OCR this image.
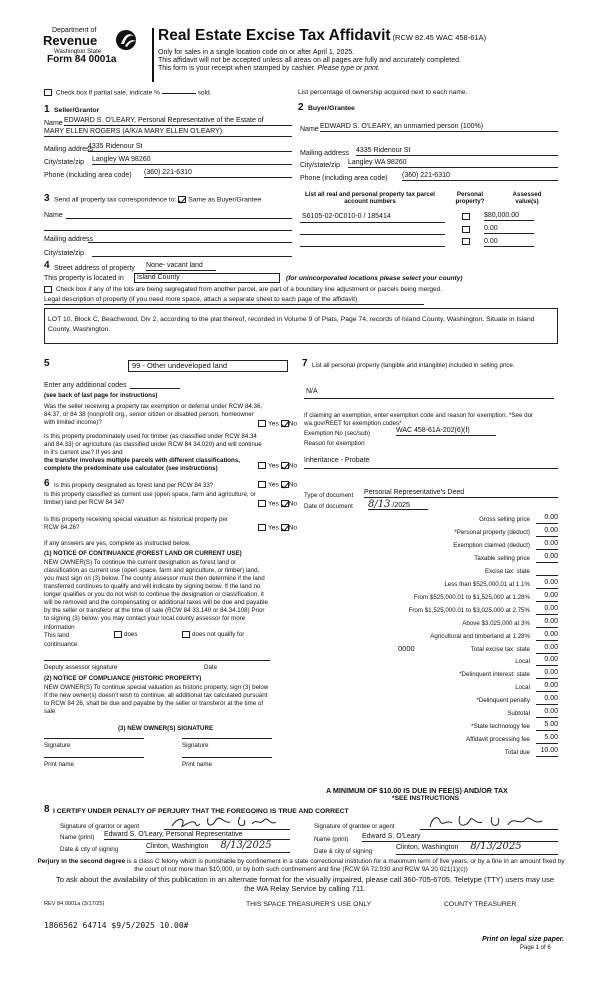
Department of
Revenue
Washington State
Form 84 0001a
Real Estate Excise Tax Affidavit (RCW 82.45 WAC 458-61A)
Only for sales in a single location code on or after April 1, 2025.
This affidavit will not be accepted unless all areas on all pages are fully and accurately completed.
This form is your receipt when stamped by cashier. Please type or print.
Check box if partial sale, indicate %	sold.	List percentage of ownership acquired next to each name.
1 Seller/Grantor
Name EDWARD S. O'LEARY, Personal Representative of the Estate of
MARY ELLEN ROGERS (A/K/A MARY ELLEN O'LEARY)
Mailing address
4335 Ridenour St
City/state/zip Langley WA 98260
Phone (including area code) (360) 221-6310
2 Buyer/Grantee
Name EDWARD S. O'LEARY, an unmarried person (100%)
Mailing address 4335 Ridenour St
City/state/zip Langley WA 98260
Phone (including area code) (360) 221-6310
3 Send all property tax correspondence to: Same as Buyer/Grantee
Name
Mailing address
City/state/zip
List all real and personal property tax parcel account numbers
Personal property?
Assessed value(s)
S6105-02-0C010-0 / 185414	$80,000.00
0.00
0.00
4 Street address of property None- vacant land
This property is located in	Island County	(for unincorporated locations please select your county)
Check box if any of the lots are being segregated from another parcel, are part of a boundary line adjustment or parcels being merged.
Legal description of property (if you need more space, attach a separate sheet to each page of the affidavit)
LOT 10, Block C, Beachwood, Div 2, according to the plat thereof, recorded in Volume 9 of Plats, Page 74, records of Island County, Washington. Situate in Island County, Washington.
5	99 - Other undeveloped land
Enter any additional codes
(see back of last page for instructions)
Was the seller receiving a property tax exemption or deferral under RCW 84.36, 84.37, or 84 38 (nonprofit org., senior citizen or disabled person, homeowner with limited income)?	Yes No
Is this property predominately used for timber (as classified under RCW 84.34 and 84.33) or agriculture (as classified under RCW 84 34.020) and will continue in it's current use? If yes and
the transfer involves multiple parcels with different classifications, complete the predominate use calculator (see instructions)	Yes No
6 Is this property designated as forest land per RCW 84 33?	Yes No
Is this property classified as current use (open space, farm and agriculture, or timber) land per RCW 84 34?	Yes No
Is this property receiving special valuation as historical property per RCW 84.26?	Yes No
If any answers are yes, complete as instructed below.
(1) NOTICE OF CONTINUANCE (FOREST LAND OR CURRENT USE)
NEW OWNER(S) To continue the current designation as forest land or classification as current use (open space, farm and agriculture, or timber) land, you must sign on (3) below. The county assessor must then determine if the land transferred continues to qualify and will indicate by signing below. If the land no longer qualifies or you do not wish to continue the designation or classification, it will be removed and the compensating or additional taxes will be due and payable by the seller or transferor at the time of sale (RCW 84 33.140 or 84.34.108) Prior to signing (3) below, you may contact your local county assessor for more information
This land
continuance
does	does not qualify for
Deputy assessor signature	Date
(2) NOTICE OF COMPLIANCE (HISTORIC PROPERTY)
NEW OWNER(S) To continue special valuation as historic property, sign (3) below If the new owner(s) doesn't wish to continue, all additional tax calculated pursuant to RCW 84 26, shall be due and payable by the seller or transferor at the time of sale
(3) NEW OWNER(S) SIGNATURE
Signature	Signature
Print name	Print name
7 List all personal property (tangible and intangible) included in selling price.
N/A
If claiming an exemption, enter exemption code and reason for exemption. *See dor wa.gov/REET for exemption codes*
Exemption No (sec/sub)	WAC 458-61A-202(6)(f)
Reason for exemption
Inheritance - Probate
Type of document Personal Representative's Deed
Date of document 8/13 /2025
Gross selling price	0.00
*Personal property (deduct)	0.00
Exemption claimed (deduct)	0.00
Taxable selling price	0.00
Excise tax: state
Less than $525,000.01 at 1.1%	0.00
From $525,000.01 to $1,525,000 at 1.28%	0.00
From $1,525,000.01 to $3,025,000 at 2.75%	0.00
Above $3,025,000 at 3%	0.00
Agricultural and timberland at 1.28%	0.00
Total excise tax: state	0.00
Local	0.00
*Delinquent interest: state	0.00
Local	0.00
*Delinquent penalty	0.00
Subtotal	0.00
*State technology fee	5.00
Affidavit processing fee	5.00
Total due	10.00
0000
A MINIMUM OF $10.00 IS DUE IN FEE(S) AND/OR TAX
*SEE INSTRUCTIONS
8 I CERTIFY UNDER PENALTY OF PERJURY THAT THE FOREGOING IS TRUE AND CORRECT
Signature of grantor or agent
Name (print) Edward S. O'Leary, Personal Representative
Date & city of signing	Clinton, Washington 8/13/2025
Signature of grantee or agent
Name (print) Edward S. O'Leary
Date & city of signing
Clinton, Washington 8/13/2025
Perjury in the second degree is a class C felony which is punishable by confinement in a state correctional institution for a maximum term of five years, or by a fine in an amount fixed by the court of not more than $10,000, or by both such confinement and fine (RCW 9A 72.030 and RCW 9A 20 021(1)(c))
To ask about the availability of this publication in an alternate format for the visually impaired, please call 360-705-6705. Teletype (TTY) users may use the WA Relay Service by calling 711.
REV 84 0001a (3/17/25)	THIS SPACE TREASURER'S USE ONLY	COUNTY TREASURER
1866562 64714 $9/5/2025 10.00#
Print on legal size paper.
Page 1 of 6
